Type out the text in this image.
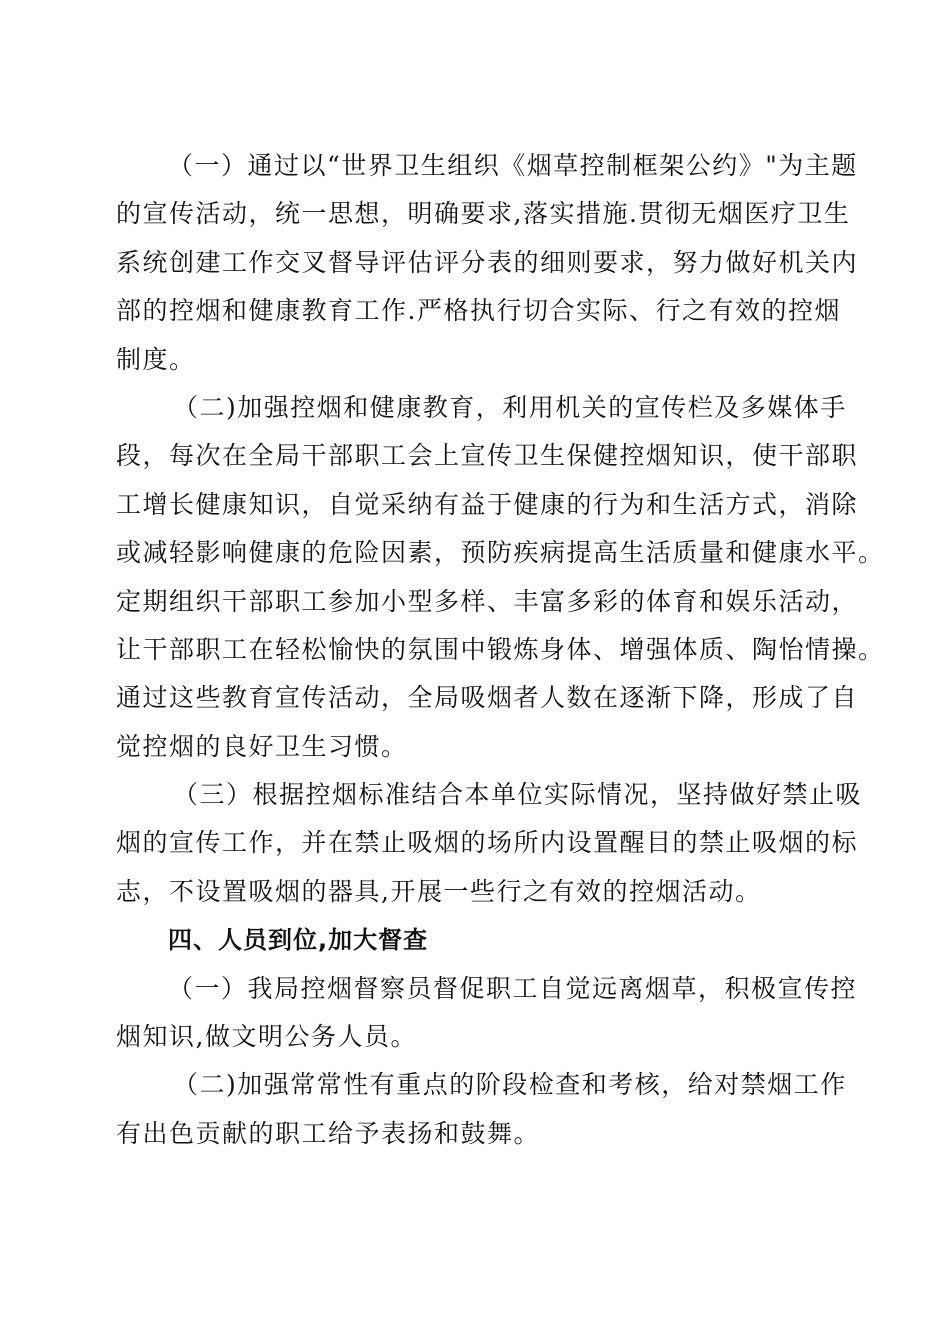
（一）通过以“世界卫生组织《烟草控制框架公约》"为主题
的宣传活动，统一思想，明确要求,落实措施.贯彻无烟医疗卫生
系统创建工作交叉督导评估评分表的细则要求，努力做好机关内
部的控烟和健康教育工作.严格执行切合实际、行之有效的控烟
制度。
（二)加强控烟和健康教育，利用机关的宣传栏及多媒体手
段，每次在全局干部职工会上宣传卫生保健控烟知识，使干部职
工增长健康知识，自觉采纳有益于健康的行为和生活方式，消除
或减轻影响健康的危险因素，预防疾病提高生活质量和健康水平。
定期组织干部职工参加小型多样、丰富多彩的体育和娱乐活动，
让干部职工在轻松愉快的氛围中锻炼身体、增强体质、陶怡情操。
通过这些教育宣传活动，全局吸烟者人数在逐渐下降，形成了自
觉控烟的良好卫生习惯。
（三）根据控烟标准结合本单位实际情况，坚持做好禁止吸
烟的宣传工作，并在禁止吸烟的场所内设置醒目的禁止吸烟的标
志，不设置吸烟的器具,开展一些行之有效的控烟活动。
四、人员到位,加大督查
（一）我局控烟督察员督促职工自觉远离烟草，积极宣传控
烟知识,做文明公务人员。
（二)加强常常性有重点的阶段检查和考核，给对禁烟工作
有出色贡献的职工给予表扬和鼓舞。
